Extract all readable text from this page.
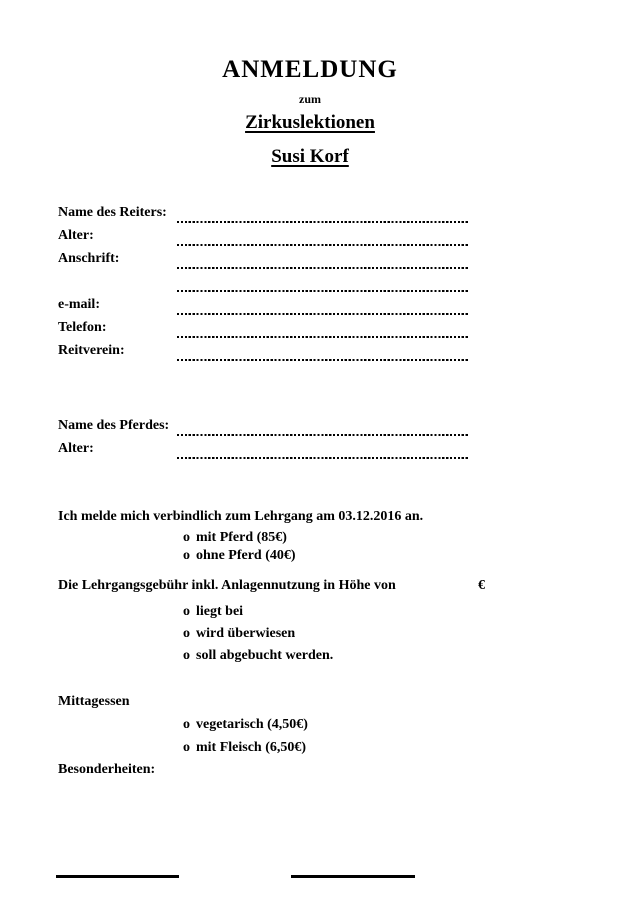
ANMELDUNG
zum
Zirkuslektionen
Susi Korf
Name des Reiters:
Alter:
Anschrift:
e-mail:
Telefon:
Reitverein:
Name des Pferdes:
Alter:
Ich melde mich verbindlich zum Lehrgang am 03.12.2016 an.
o mit Pferd (85€)
o ohne Pferd (40€)
Die Lehrgangsgebühr inkl. Anlagennutzung in Höhe von	€
o liegt bei
o wird überwiesen
o soll abgebucht werden.
Mittagessen
o vegetarisch (4,50€)
o mit Fleisch (6,50€)
Besonderheiten:
